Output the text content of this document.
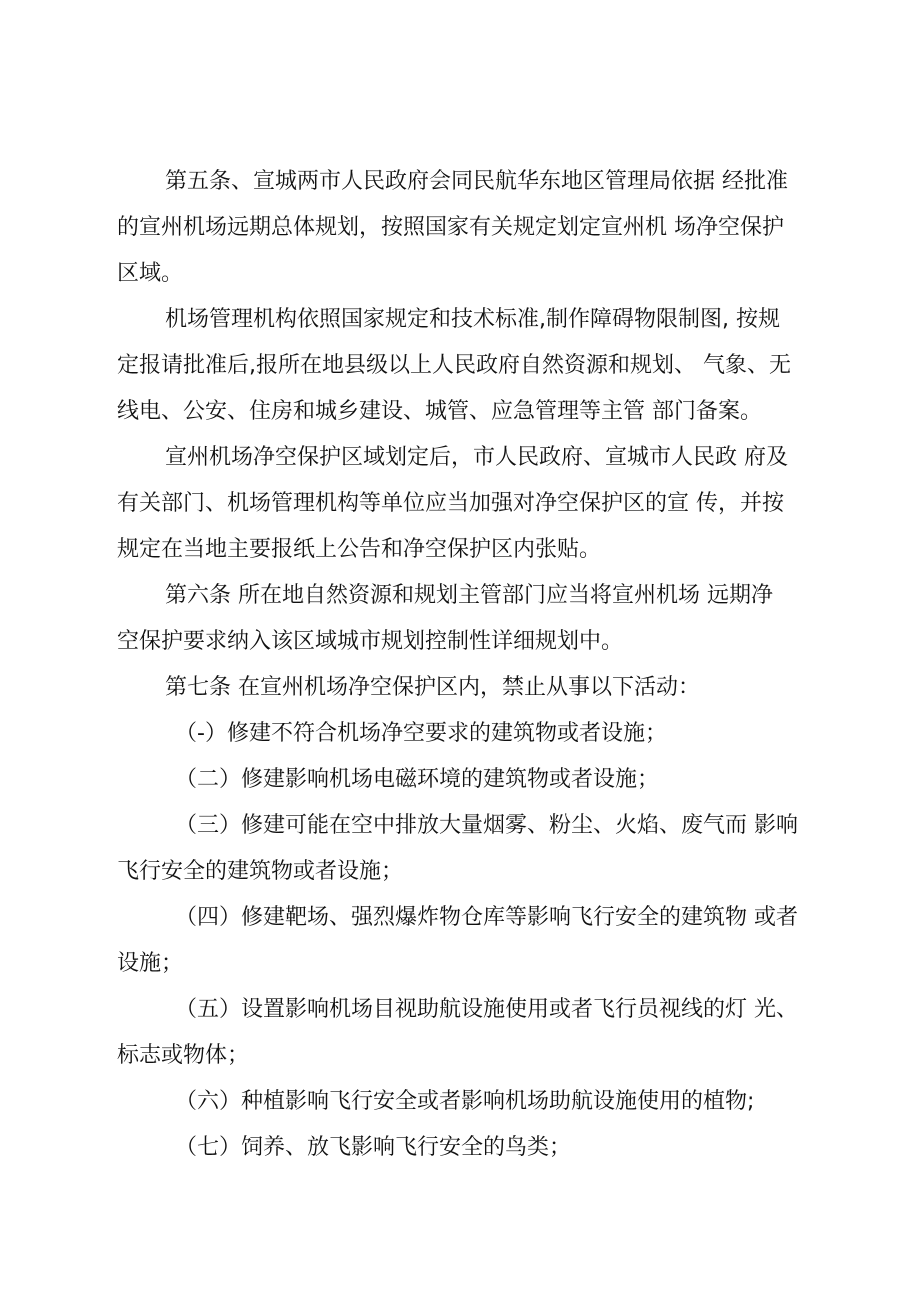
第五条、宣城两市人民政府会同民航华东地区管理局依据 经批准
的宣州机场远期总体规划，按照国家有关规定划定宣州机 场净空保护
区域。
机场管理机构依照国家规定和技术标准,制作障碍物限制图, 按规
定报请批准后,报所在地县级以上人民政府自然资源和规划、 气象、无
线电、公安、住房和城乡建设、城管、应急管理等主管 部门备案。
宣州机场净空保护区域划定后，市人民政府、宣城市人民政 府及
有关部门、机场管理机构等单位应当加强对净空保护区的宣 传，并按
规定在当地主要报纸上公告和净空保护区内张贴。
第六条 所在地自然资源和规划主管部门应当将宣州机场 远期净
空保护要求纳入该区域城市规划控制性详细规划中。
第七条 在宣州机场净空保护区内，禁止从事以下活动：
（-）修建不符合机场净空要求的建筑物或者设施；
（二）修建影响机场电磁环境的建筑物或者设施；
（三）修建可能在空中排放大量烟雾、粉尘、火焰、废气而 影响
飞行安全的建筑物或者设施；
（四）修建靶场、强烈爆炸物仓库等影响飞行安全的建筑物 或者
设施；
（五）设置影响机场目视助航设施使用或者飞行员视线的灯 光、
标志或物体；
（六）种植影响飞行安全或者影响机场助航设施使用的植物;
（七）饲养、放飞影响飞行安全的鸟类；
